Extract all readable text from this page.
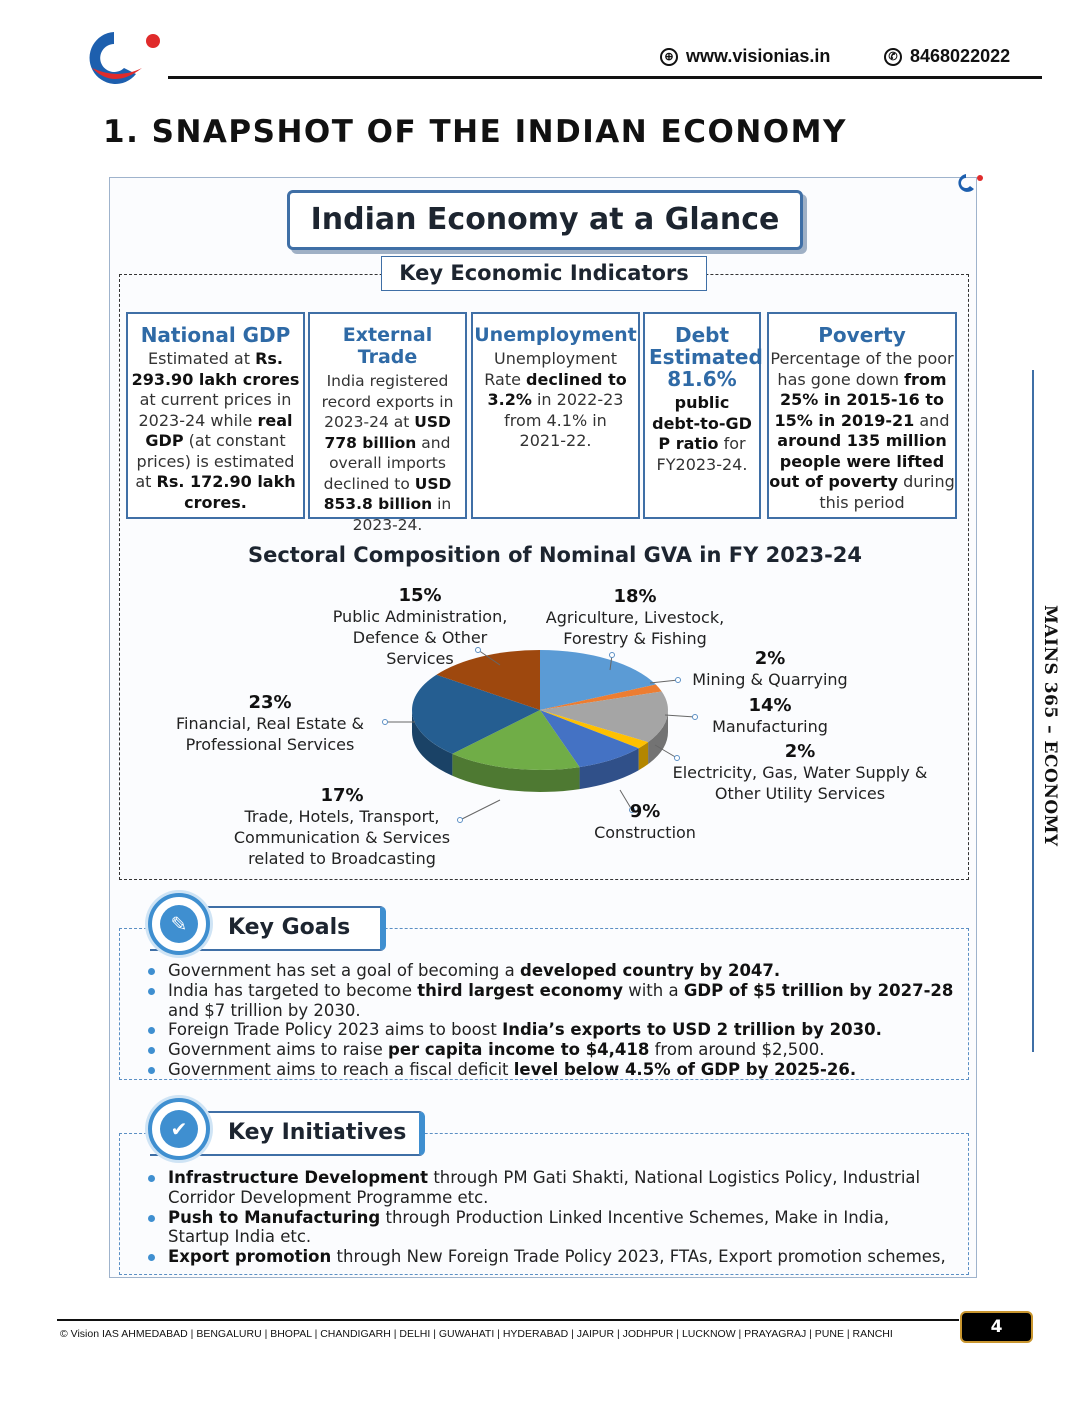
⊕ www.visionias.in	✆ 8468022022
1. SNAPSHOT OF THE INDIAN ECONOMY
Indian Economy at a Glance
Key Economic Indicators
National GDP
Estimated at Rs. 293.90 lakh crores at current prices in 2023-24 while real GDP (at constant prices) is estimated at Rs. 172.90 lakh crores.
External Trade
India registered record exports in 2023-24 at USD 778 billion and overall imports declined to USD 853.8 billion in 2023-24.
Unemployment
Unemployment Rate declined to 3.2% in 2022-23 from 4.1% in 2021-22.
Debt Estimated 81.6%
public debt-to-GD P ratio for FY2023-24.
Poverty
Percentage of the poor has gone down from 25% in 2015-16 to 15% in 2019-21 and around 135 million people were lifted out of poverty during this period
Sectoral Composition of Nominal GVA in FY 2023-24
15%
Public Administration, Defence & Other Services
18%
Agriculture, Livestock, Forestry & Fishing
2%
Mining & Quarrying
14%
Manufacturing
2%
Electricity, Gas, Water Supply & Other Utility Services
9%
Construction
17%
Trade, Hotels, Transport, Communication & Services related to Broadcasting
23%
Financial, Real Estate & Professional Services
Key Goals
✎
Government has set a goal of becoming a developed country by 2047.
India has targeted to become third largest economy with a GDP of $5 trillion by 2027-28 and $7 trillion by 2030.
Foreign Trade Policy 2023 aims to boost India’s exports to USD 2 trillion by 2030.
Government aims to raise per capita income to $4,418 from around $2,500.
Government aims to reach a fiscal deficit level below 4.5% of GDP by 2025-26.
Key Initiatives
✔
Infrastructure Development through PM Gati Shakti, National Logistics Policy, Industrial Corridor Development Programme etc.
Push to Manufacturing through Production Linked Incentive Schemes, Make in India, Startup India etc.
Export promotion through New Foreign Trade Policy 2023, FTAs, Export promotion schemes,
MAINS 365 – ECONOMY
© Vision IAS AHMEDABAD | BENGALURU | BHOPAL | CHANDIGARH | DELHI | GUWAHATI | HYDERABAD | JAIPUR | JODHPUR | LUCKNOW | PRAYAGRAJ | PUNE | RANCHI	4
